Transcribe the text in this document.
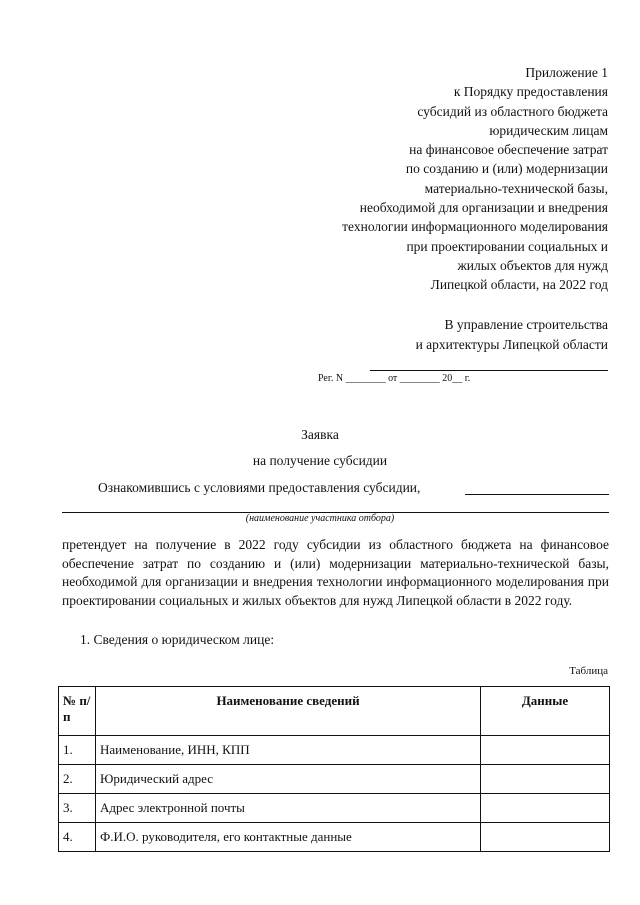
Приложение 1
к Порядку предоставления
субсидий из областного бюджета
юридическим лицам
на финансовое обеспечение затрат
по созданию и (или) модернизации
материально-технической базы,
необходимой для организации и внедрения
технологии информационного моделирования
при проектировании социальных и
жилых объектов для нужд
Липецкой области, на 2022 год
В управление строительства
и архитектуры Липецкой области
Рег. N ________ от ________ 20__ г.
Заявка
на получение субсидии
Ознакомившись с условиями предоставления субсидии,
(наименование участника отбора)
претендует на получение в 2022 году субсидии из областного бюджета на финансовое обеспечение затрат по созданию и (или) модернизации материально-технической базы, необходимой для организации и внедрения технологии информационного моделирования при проектировании социальных и жилых объектов для нужд Липецкой области в 2022 году.
1. Сведения о юридическом лице:
Таблица
№ п/п	Наименование сведений	Данные
1.	Наименование, ИНН, КПП	
2.	Юридический адрес	
3.	Адрес электронной почты	
4.	Ф.И.О. руководителя, его контактные данные	
